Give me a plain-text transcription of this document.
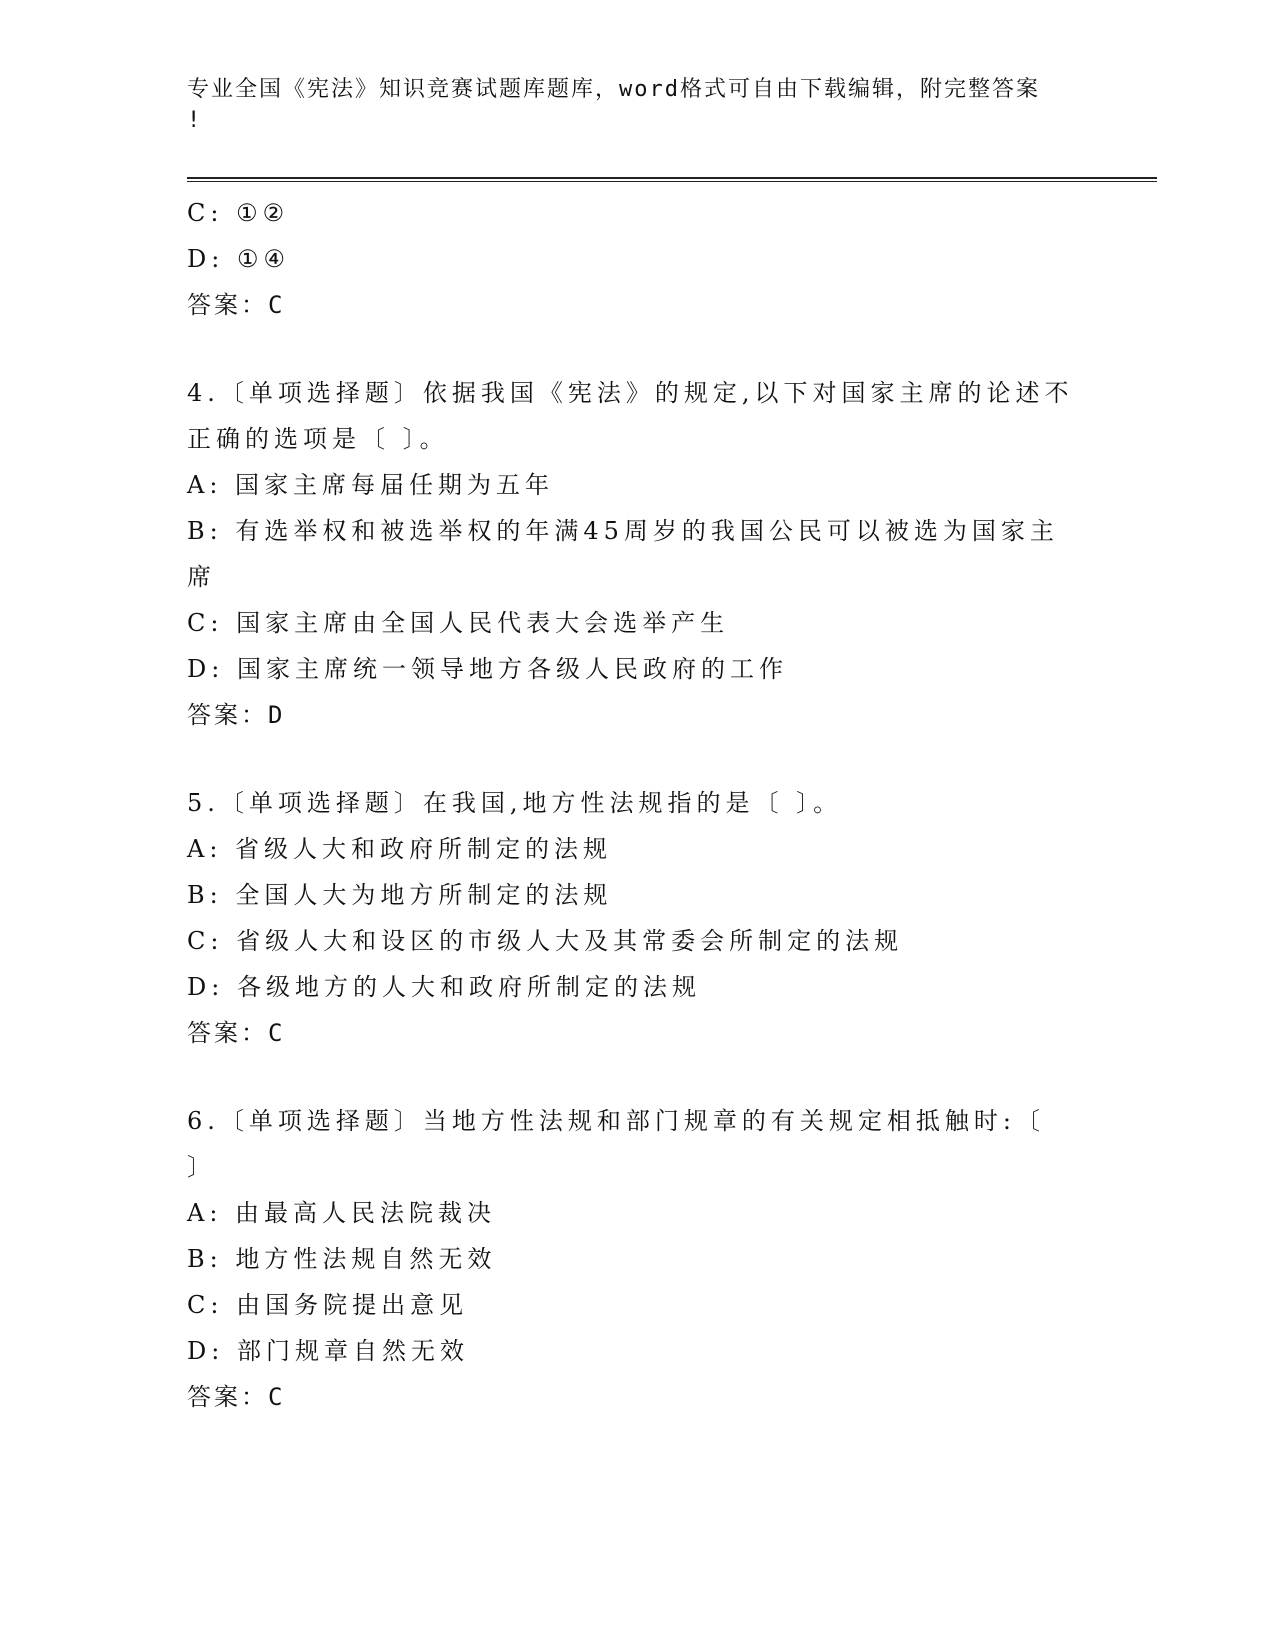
专业全国《宪法》知识竞赛试题库题库，word格式可自由下载编辑，附完整答案
!
C: ①②
D: ①④
答案：C
4.〔单项选择题〕依据我国《宪法》的规定,以下对国家主席的论述不
正确的选项是〔 〕。
A: 国家主席每届任期为五年
B: 有选举权和被选举权的年满45周岁的我国公民可以被选为国家主
席
C: 国家主席由全国人民代表大会选举产生
D: 国家主席统一领导地方各级人民政府的工作
答案：D
5.〔单项选择题〕在我国,地方性法规指的是〔 〕。
A: 省级人大和政府所制定的法规
B: 全国人大为地方所制定的法规
C: 省级人大和设区的市级人大及其常委会所制定的法规
D: 各级地方的人大和政府所制定的法规
答案：C
6.〔单项选择题〕当地方性法规和部门规章的有关规定相抵触时:〔
〕
A: 由最高人民法院裁决
B: 地方性法规自然无效
C: 由国务院提出意见
D: 部门规章自然无效
答案：C
